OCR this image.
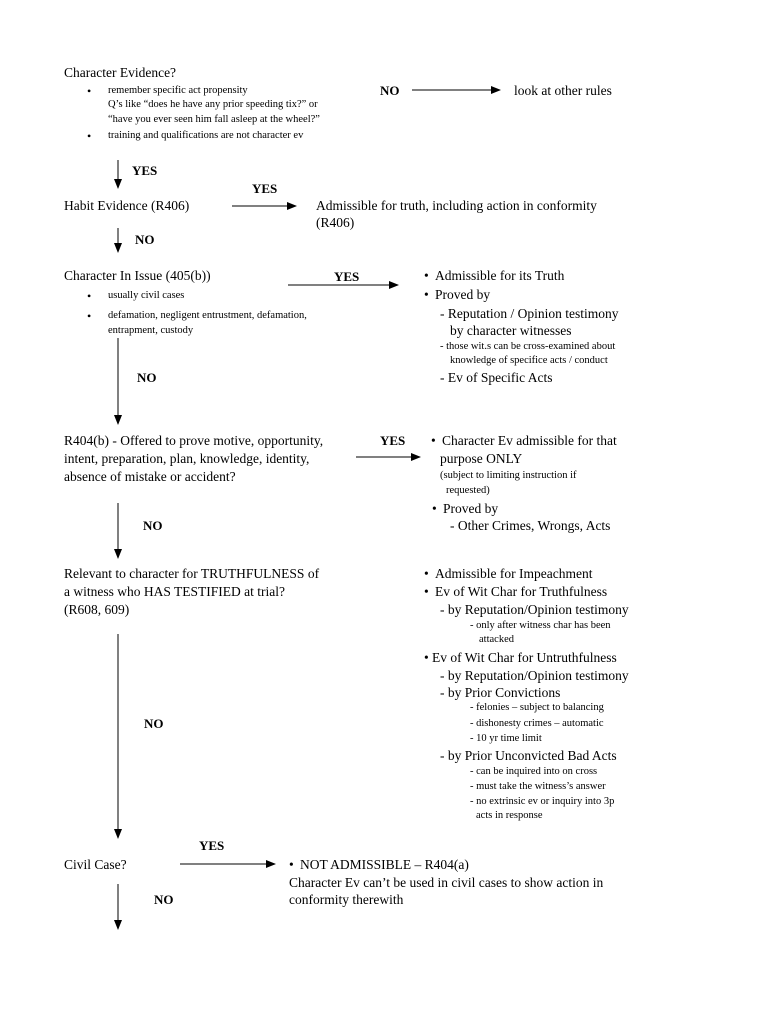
Character Evidence?
• remember specific act propensity
Q’s like “does he have any prior speeding tix?” or
“have you ever seen him fall asleep at the wheel?”
• training and qualifications are not character ev
NO	look at other rules
YES
Habit Evidence (R406)
YES
Admissible for truth, including action in conformity
(R406)
NO
Character In Issue (405(b))
• usually civil cases
• defamation, negligent entrustment, defamation,
entrapment, custody
YES	• Admissible for its Truth
• Proved by
- Reputation / Opinion testimony
by character witnesses
- those wit.s can be cross-examined about
knowledge of specifice acts / conduct
- Ev of Specific Acts
NO
R404(b) - Offered to prove motive, opportunity,
intent, preparation, plan, knowledge, identity,
absence of mistake or accident?
YES • Character Ev admissible for that
purpose ONLY
(subject to limiting instruction if
requested)
• Proved by
- Other Crimes, Wrongs, Acts
NO
Relevant to character for TRUTHFULNESS of
a witness who HAS TESTIFIED at trial?
(R608, 609)
• Admissible for Impeachment
• Ev of Wit Char for Truthfulness
- by Reputation/Opinion testimony
- only after witness char has been
attacked
• Ev of Wit Char for Untruthfulness
- by Reputation/Opinion testimony
- by Prior Convictions
- felonies – subject to balancing
- dishonesty crimes – automatic
- 10 yr time limit
- by Prior Unconvicted Bad Acts
- can be inquired into on cross
- must take the witness’s answer
- no extrinsic ev or inquiry into 3p
acts in response
NO
Civil Case?
YES
• NOT ADMISSIBLE – R404(a)
Character Ev can’t be used in civil cases to show action in
conformity therewith
NO
